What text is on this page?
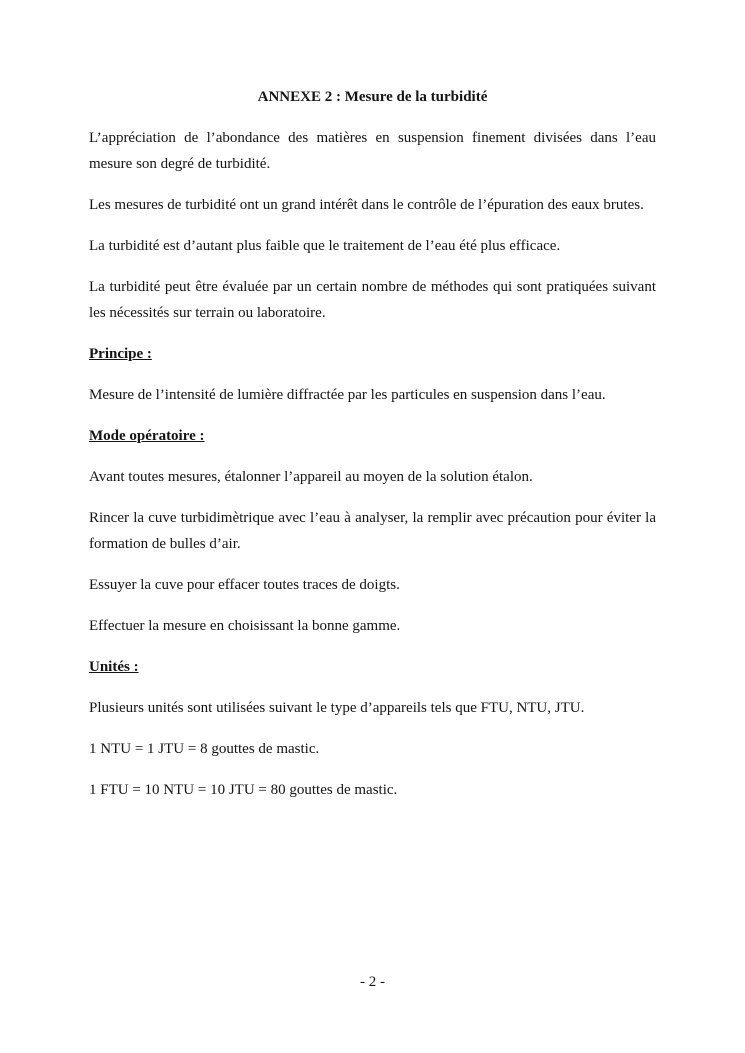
ANNEXE 2 : Mesure de la turbidité

L’appréciation de l’abondance des matières en suspension finement divisées dans l’eau mesure son degré de turbidité.

Les mesures de turbidité ont un grand intérêt dans le contrôle de l’épuration des eaux brutes.

La turbidité est d’autant plus faible que le traitement de l’eau été plus efficace.

La turbidité peut être évaluée par un certain nombre de méthodes qui sont pratiquées suivant les nécessités sur terrain ou laboratoire.

Principe :

Mesure de l’intensité de lumière diffractée par les particules en suspension dans l’eau.

Mode opératoire :

Avant toutes mesures, étalonner l’appareil au moyen de la solution étalon.

Rincer la cuve turbidimètrique avec l’eau à analyser, la remplir avec précaution pour éviter la formation de bulles d’air.

Essuyer la cuve pour effacer toutes traces de doigts.

Effectuer la mesure en choisissant la bonne gamme.

Unités :

Plusieurs unités sont utilisées suivant le type d’appareils tels que FTU, NTU, JTU.

1 NTU = 1 JTU = 8 gouttes de mastic.

1 FTU = 10 NTU = 10 JTU = 80 gouttes de mastic.

- 2 -
